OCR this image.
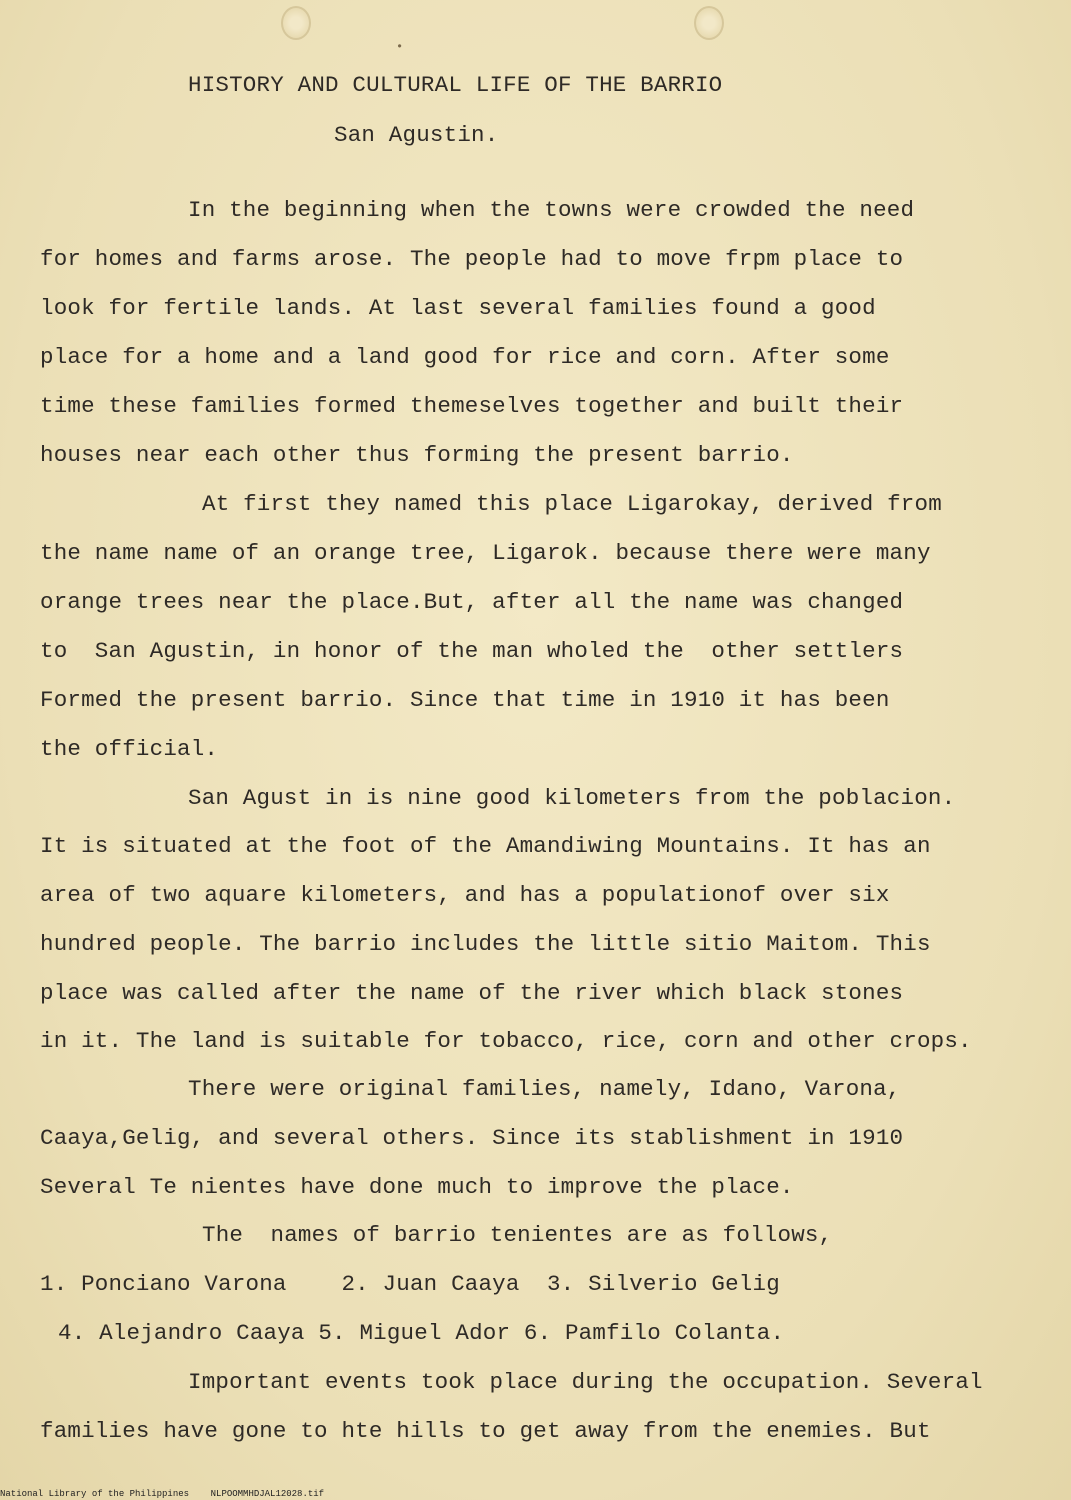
•
HISTORY AND CULTURAL LIFE OF THE BARRIO
San Agustin.
In the beginning when the towns were crowded the need
for homes and farms arose. The people had to move frpm place to
look for fertile lands. At last several families found a good
place for a home and a land good for rice and corn. After some
time these families formed themeselves together and built their
houses near each other thus forming the present barrio.
At first they named this place Ligarokay, derived from
the name name of an orange tree, Ligarok. because there were many
orange trees near the place.But, after all the name was changed
to  San Agustin, in honor of the man wholed the  other settlers
Formed the present barrio. Since that time in 1910 it has been
the official.
San Agust in is nine good kilometers from the poblacion.
It is situated at the foot of the Amandiwing Mountains. It has an
area of two aquare kilometers, and has a populationof over six
hundred people. The barrio includes the little sitio Maitom. This
place was called after the name of the river which black stones
in it. The land is suitable for tobacco, rice, corn and other crops.
There were original families, namely, Idano, Varona,
Caaya,Gelig, and several others. Since its stablishment in 1910
Several Te nientes have done much to improve the place.
The  names of barrio tenientes are as follows,
1. Ponciano Varona    2. Juan Caaya  3. Silverio Gelig
4. Alejandro Caaya 5. Miguel Ador 6. Pamfilo Colanta.
Important events took place during the occupation. Several
families have gone to hte hills to get away from the enemies. But
National Library of the Philippines NLPOOMMHDJAL12028.tif
